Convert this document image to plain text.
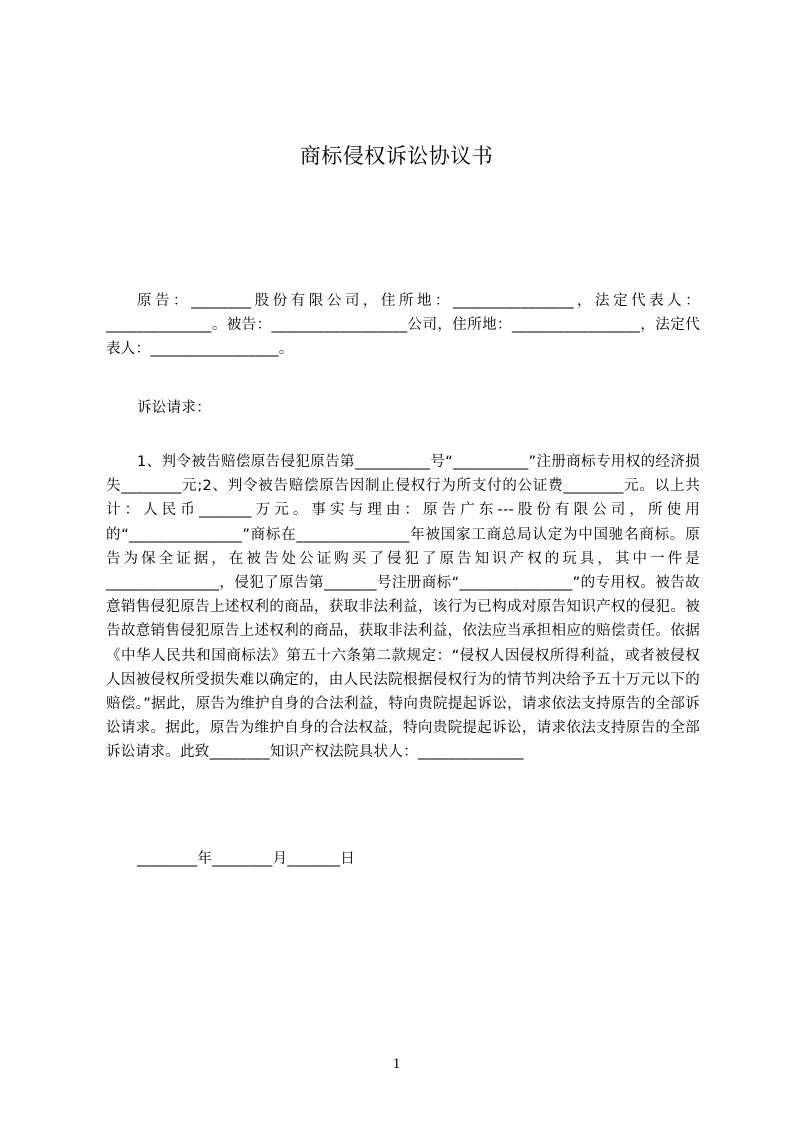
商标侵权诉讼协议书

原告：________股份有限公司，住所地：________________，法定代表人：______________。被告：__________________公司，住所地：_________________，法定代表人：_________________。

诉讼请求：

1、判令被告赔偿原告侵犯原告第__________号“__________”注册商标专用权的经济损失________元;2、判令被告赔偿原告因制止侵权行为所支付的公证费________元。以上共计：人民币_______万元。事实与理由：原告广东---股份有限公司，所使用的“_______________”商标在_______________年被国家工商总局认定为中国驰名商标。原告为保全证据，在被告处公证购买了侵犯了原告知识产权的玩具，其中一件是_______________，侵犯了原告第_______号注册商标“_______________”的专用权。被告故意销售侵犯原告上述权利的商品，获取非法利益，该行为已构成对原告知识产权的侵犯。被告故意销售侵犯原告上述权利的商品，获取非法利益，依法应当承担相应的赔偿责任。依据《中华人民共和国商标法》第五十六条第二款规定：“侵权人因侵权所得利益，或者被侵权人因被侵权所受损失难以确定的，由人民法院根据侵权行为的情节判决给予五十万元以下的赔偿。”据此，原告为维护自身的合法利益，特向贵院提起诉讼，请求依法支持原告的全部诉讼请求。据此，原告为维护自身的合法权益，特向贵院提起诉讼，请求依法支持原告的全部诉讼请求。此致________知识产权法院具状人：______________

________年________月_______日

1
